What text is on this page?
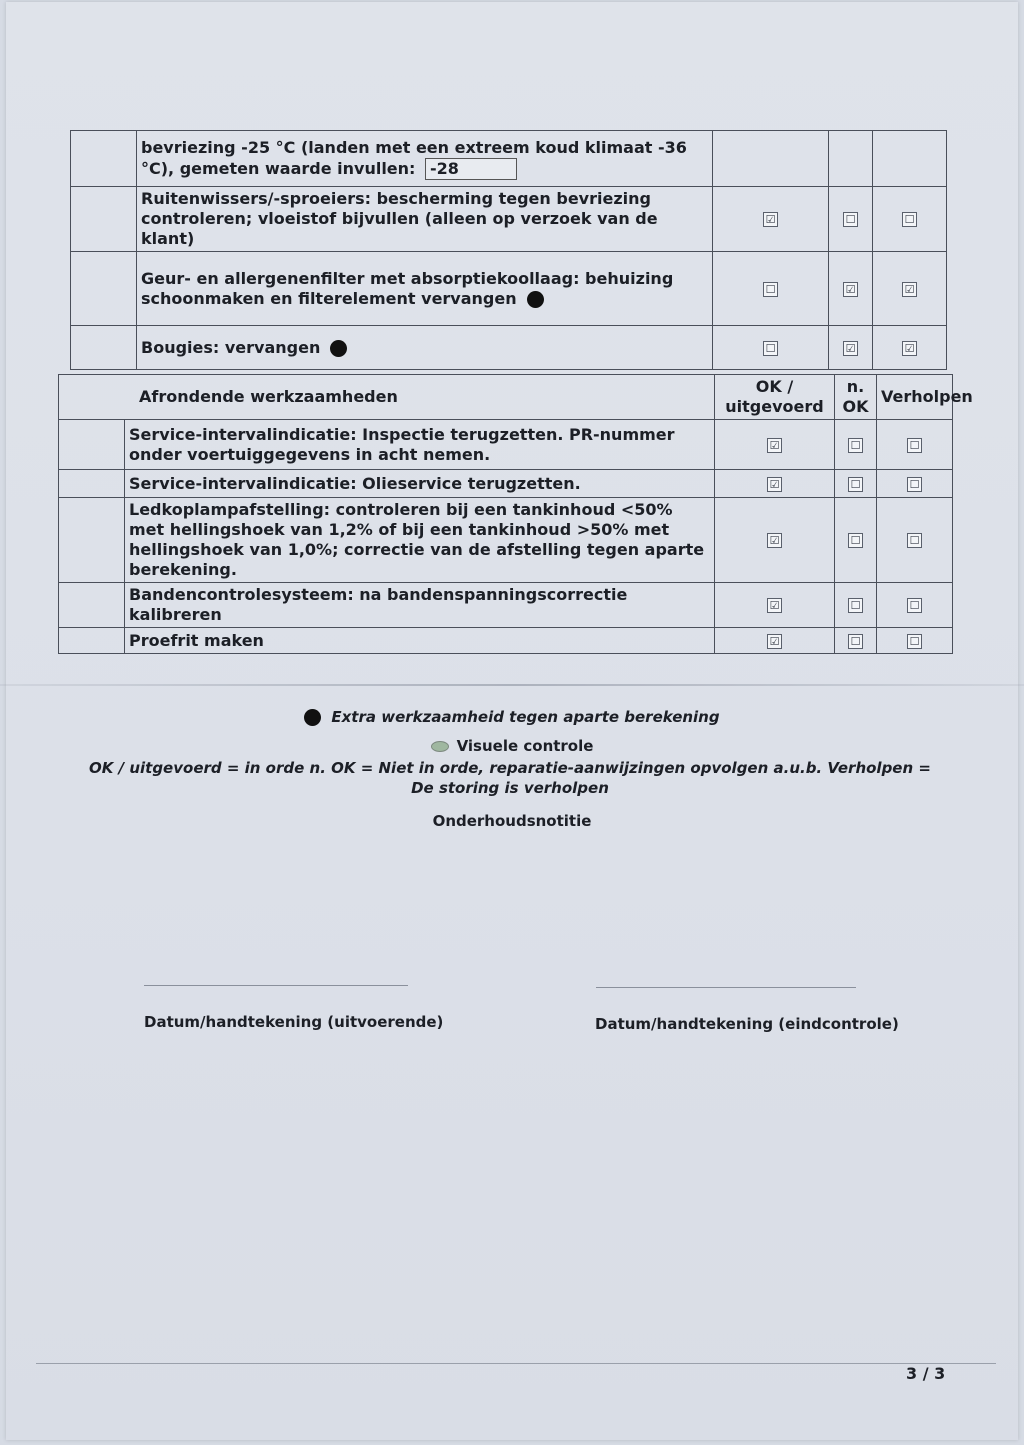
	bevriezing -25 °C (landen met een extreem koud klimaat -36 °C), gemeten waarde invullen: -28			
	Ruitenwissers/-sproeiers: bescherming tegen bevriezing controleren; vloeistof bijvullen (alleen op verzoek van de klant)	☑	☐	☐
	Geur- en allergenenfilter met absorptiekoollaag: behuizing schoonmaken en filterelement vervangen	☐	☑	☑
	Bougies: vervangen	☐	☑	☑
Afrondende werkzaamheden		OK / uitgevoerd	n. OK	Verholpen
	Service-intervalindicatie: Inspectie terugzetten. PR-nummer onder voertuiggegevens in acht nemen.	☑	☐	☐
	Service-intervalindicatie: Olieservice terugzetten.	☑	☐	☐
	Ledkoplampafstelling: controleren bij een tankinhoud <50% met hellingshoek van 1,2% of bij een tankinhoud >50% met hellingshoek van 1,0%; correctie van de afstelling tegen aparte berekening.	☑	☐	☐
	Bandencontrolesysteem: na bandenspanningscorrectie kalibreren	☑	☐	☐
	Proefrit maken	☑	☐	☐
Extra werkzaamheid tegen aparte berekening
Visuele controle
OK / uitgevoerd = in orde n. OK = Niet in orde, reparatie-aanwijzingen opvolgen a.u.b. Verholpen = De storing is verholpen
Onderhoudsnotitie
Datum/handtekening (uitvoerende)	Datum/handtekening (eindcontrole)
3 / 3
